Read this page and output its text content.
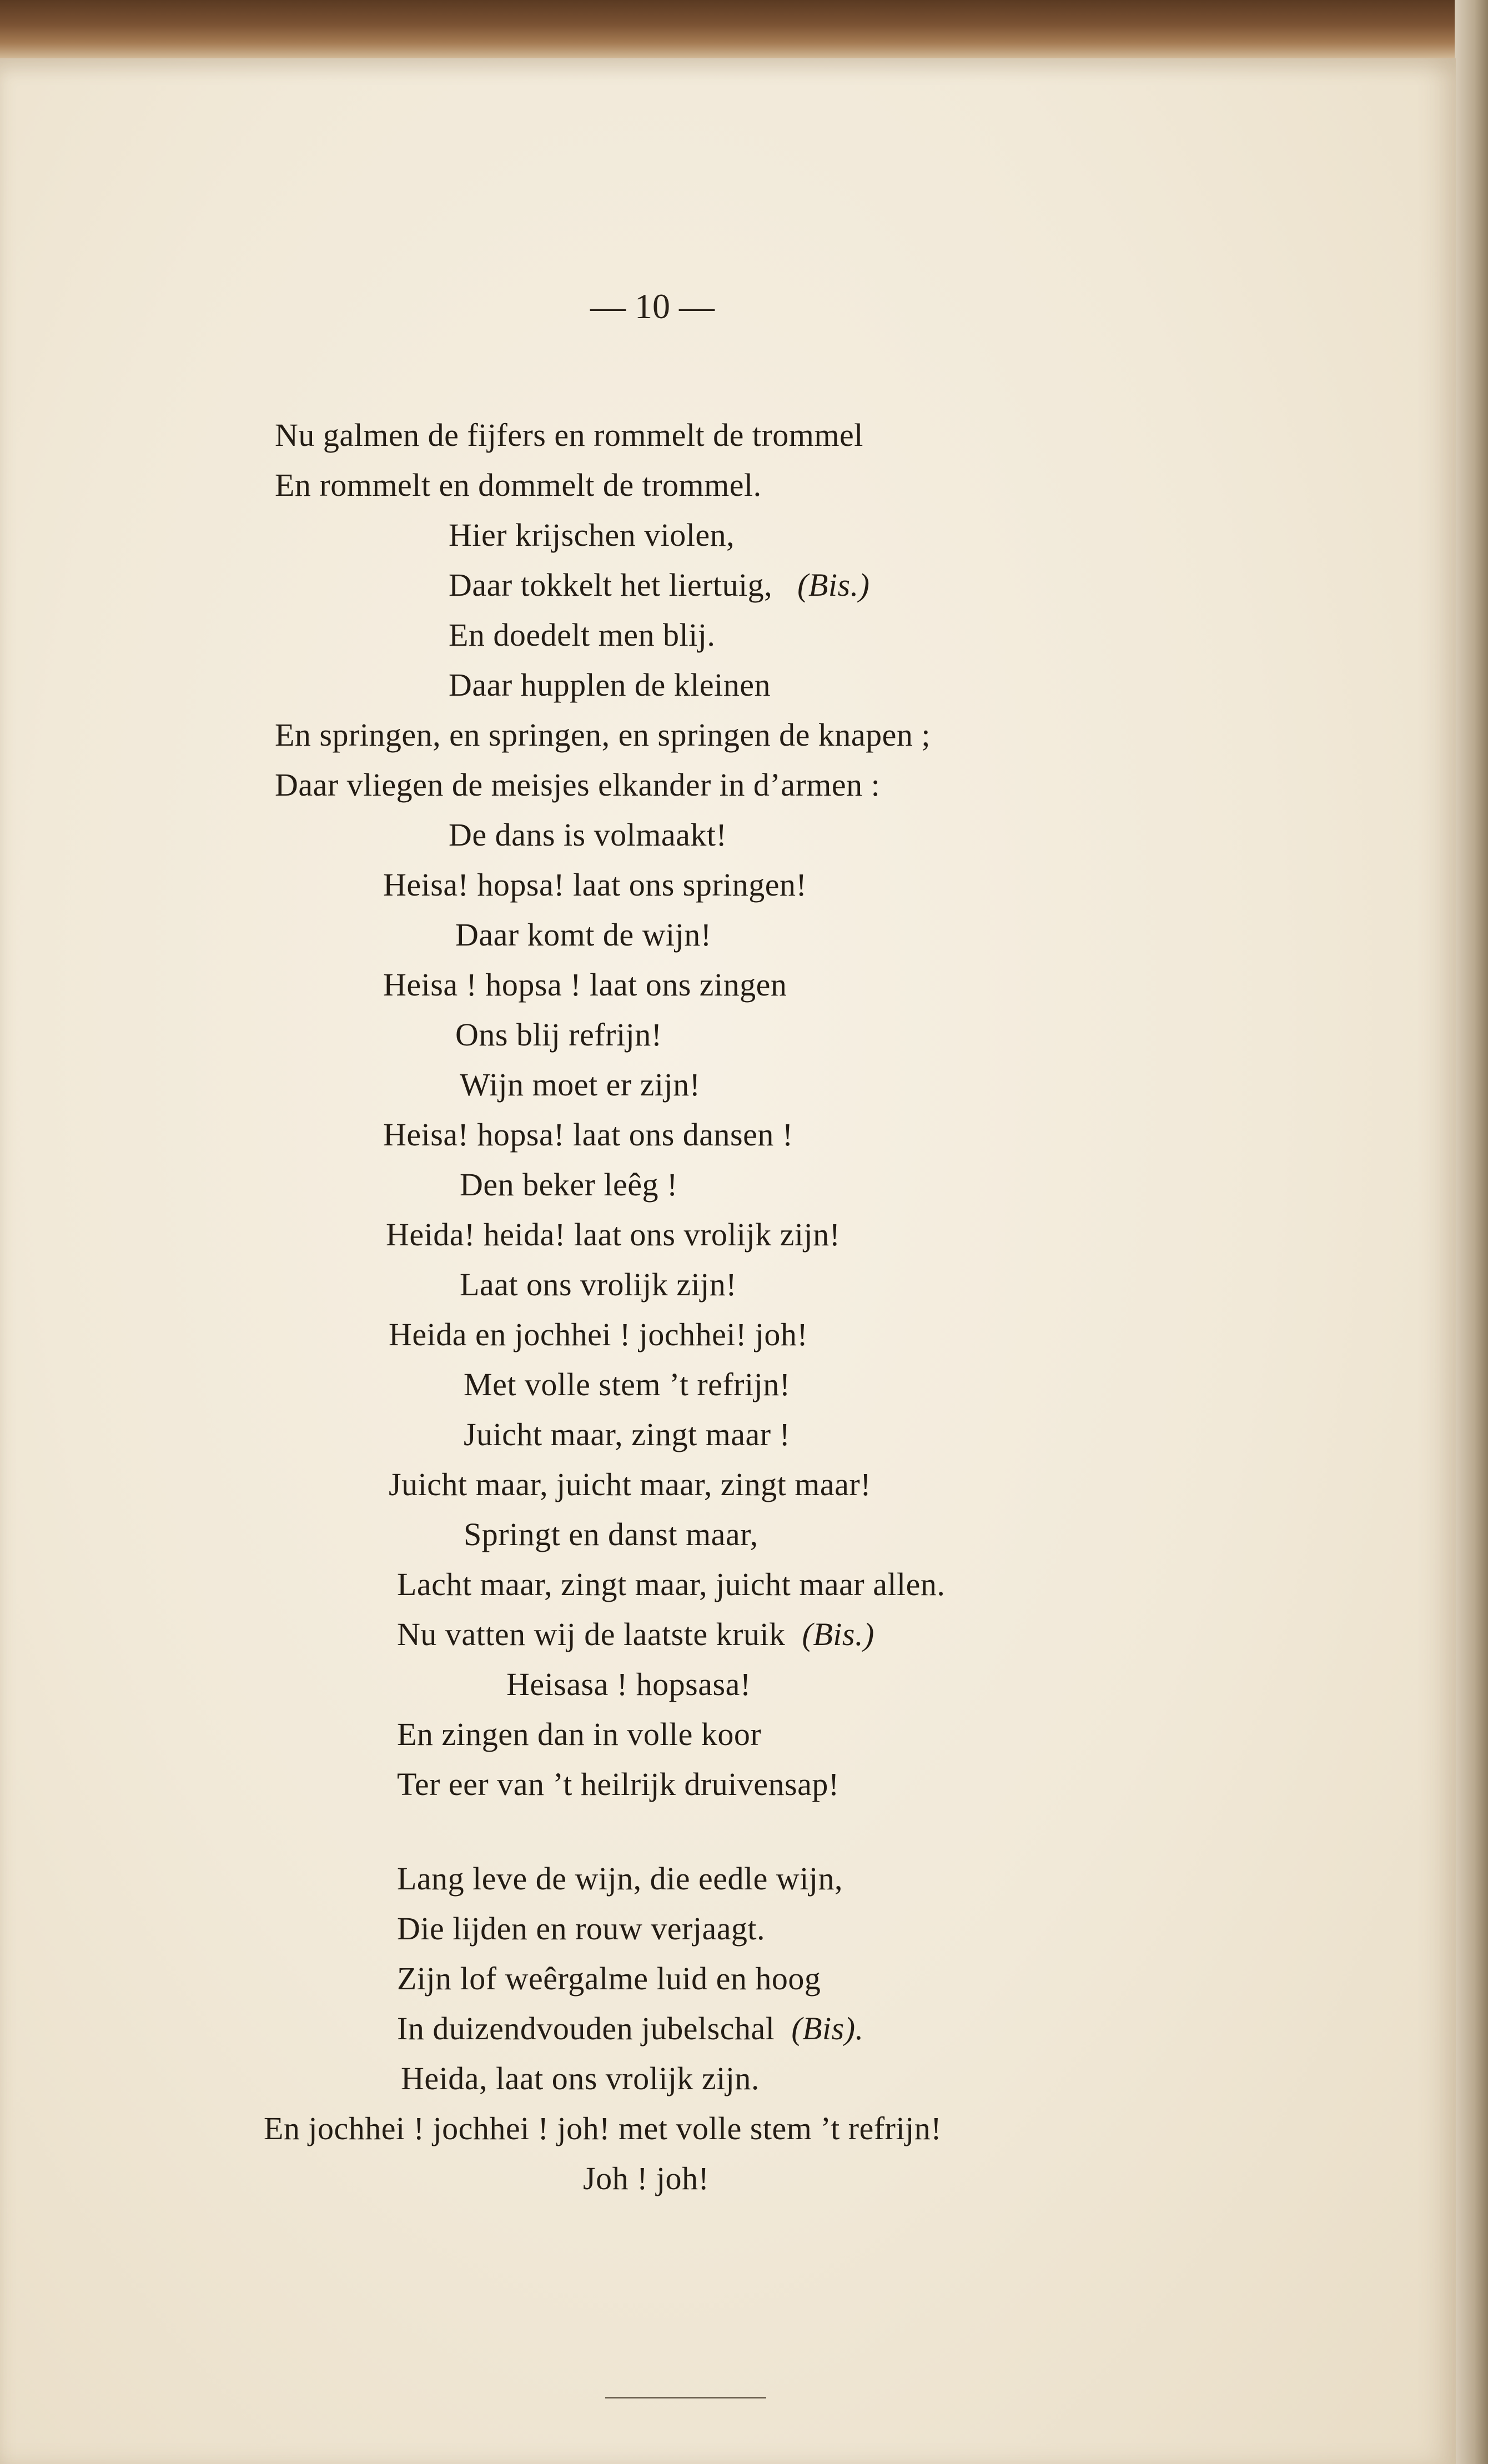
— 10 —
Nu galmen de fijfers en rommelt de trommel
En rommelt en dommelt de trommel.
Hier krijschen violen,
Daar tokkelt het liertuig, (Bis.)
En doedelt men blij.
Daar hupplen de kleinen
En springen, en springen, en springen de knapen ;
Daar vliegen de meisjes elkander in d’armen :
De dans is volmaakt!
Heisa! hopsa! laat ons springen!
Daar komt de wijn!
Heisa ! hopsa ! laat ons zingen
Ons blij refrijn!
Wijn moet er zijn!
Heisa! hopsa! laat ons dansen !
Den beker leêg !
Heida! heida! laat ons vrolijk zijn!
Laat ons vrolijk zijn!
Heida en jochhei ! jochhei! joh!
Met volle stem ’t refrijn!
Juicht maar, zingt maar !
Juicht maar, juicht maar, zingt maar!
Springt en danst maar,
Lacht maar, zingt maar, juicht maar allen.
Nu vatten wij de laatste kruik (Bis.)
Heisasa ! hopsasa!
En zingen dan in volle koor
Ter eer van ’t heilrijk druivensap!
Lang leve de wijn, die eedle wijn,
Die lijden en rouw verjaagt.
Zijn lof weêrgalme luid en hoog
In duizendvouden jubelschal (Bis).
Heida, laat ons vrolijk zijn.
En jochhei ! jochhei ! joh! met volle stem ’t refrijn!
Joh ! joh!
